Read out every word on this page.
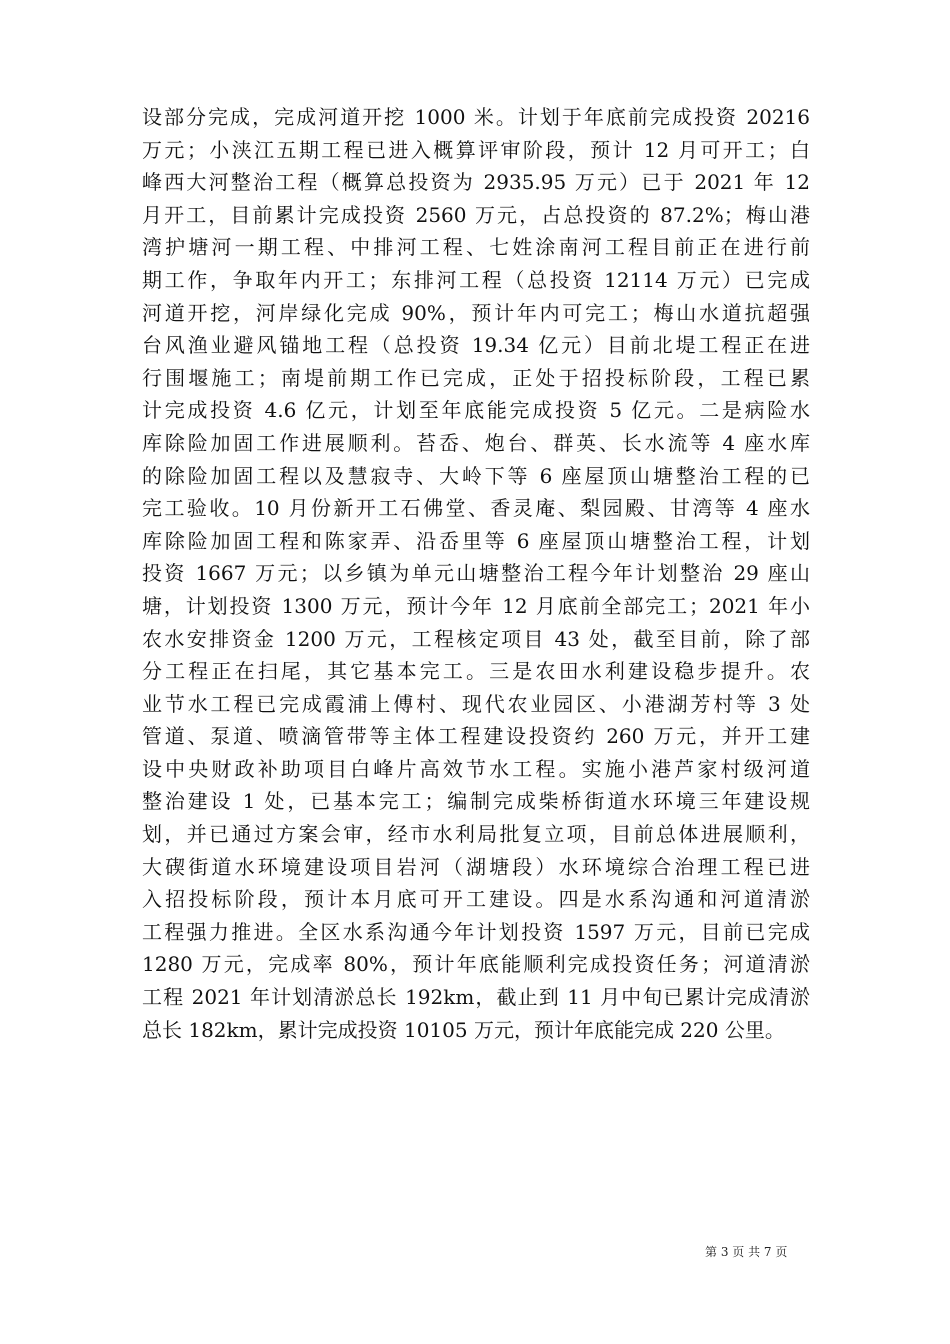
设部分完成，完成河道开挖 1000 米。计划于年底前完成投资 20216
万元；小浃江五期工程已进入概算评审阶段，预计 12 月可开工；白
峰西大河整治工程（概算总投资为 2935.95 万元）已于 2021 年 12
月开工，目前累计完成投资 2560 万元，占总投资的 87.2%；梅山港
湾护塘河一期工程、中排河工程、七姓涂南河工程目前正在进行前
期工作，争取年内开工；东排河工程（总投资 12114 万元）已完成
河道开挖，河岸绿化完成 90%，预计年内可完工；梅山水道抗超强
台风渔业避风锚地工程（总投资 19.34 亿元）目前北堤工程正在进
行围堰施工；南堤前期工作已完成，正处于招投标阶段，工程已累
计完成投资 4.6 亿元，计划至年底能完成投资 5 亿元。二是病险水
库除险加固工作进展顺利。苔岙、炮台、群英、长水流等 4 座水库
的除险加固工程以及慧寂寺、大岭下等 6 座屋顶山塘整治工程的已
完工验收。10 月份新开工石佛堂、香灵庵、梨园殿、甘湾等 4 座水
库除险加固工程和陈家弄、沿岙里等 6 座屋顶山塘整治工程，计划
投资 1667 万元；以乡镇为单元山塘整治工程今年计划整治 29 座山
塘，计划投资 1300 万元，预计今年 12 月底前全部完工；2021 年小
农水安排资金 1200 万元，工程核定项目 43 处，截至目前，除了部
分工程正在扫尾，其它基本完工。三是农田水利建设稳步提升。农
业节水工程已完成霞浦上傅村、现代农业园区、小港湖芳村等 3 处
管道、泵道、喷滴管带等主体工程建设投资约 260 万元，并开工建
设中央财政补助项目白峰片高效节水工程。实施小港芦家村级河道
整治建设 1 处，已基本完工；编制完成柴桥街道水环境三年建设规
划，并已通过方案会审，经市水利局批复立项，目前总体进展顺利，
大碶街道水环境建设项目岩河（湖塘段）水环境综合治理工程已进
入招投标阶段，预计本月底可开工建设。四是水系沟通和河道清淤
工程强力推进。全区水系沟通今年计划投资 1597 万元，目前已完成
1280 万元，完成率 80%，预计年底能顺利完成投资任务；河道清淤
工程 2021 年计划清淤总长 192km，截止到 11 月中旬已累计完成清淤
总长 182km，累计完成投资 10105 万元，预计年底能完成 220 公里。
第 3 页 共 7 页
